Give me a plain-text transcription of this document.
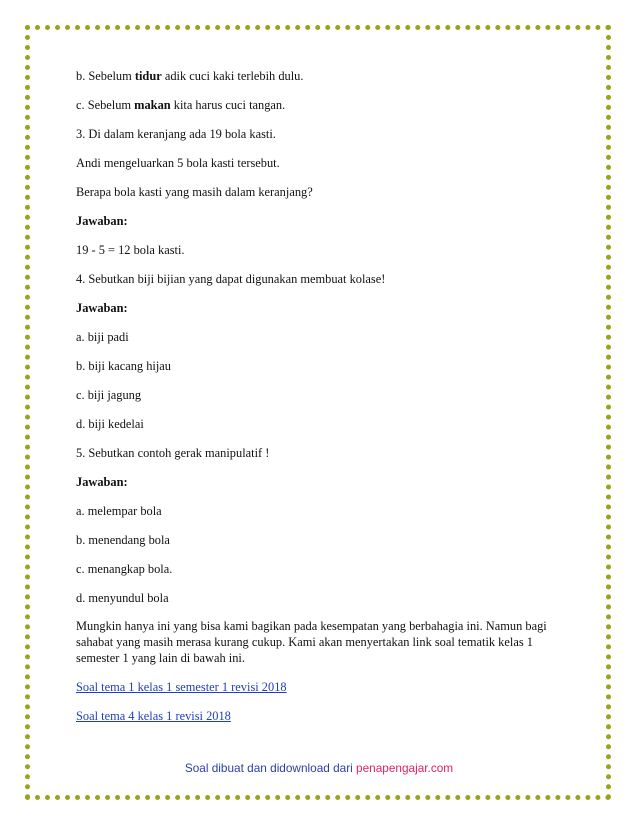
b. Sebelum tidur adik cuci kaki terlebih dulu.

c. Sebelum makan kita harus cuci tangan.

3. Di dalam keranjang ada 19 bola kasti.

Andi mengeluarkan 5 bola kasti tersebut.

Berapa bola kasti yang masih dalam keranjang?

Jawaban:

19 - 5 = 12 bola kasti.

4. Sebutkan biji bijian yang dapat digunakan membuat kolase!

Jawaban:

a. biji padi

b. biji kacang hijau

c. biji jagung

d. biji kedelai

5. Sebutkan contoh gerak manipulatif !

Jawaban:

a. melempar bola

b. menendang bola

c. menangkap bola.

d. menyundul bola

Mungkin hanya ini yang bisa kami bagikan pada kesempatan yang berbahagia ini. Namun bagi sahabat yang masih merasa kurang cukup. Kami akan menyertakan link soal tematik kelas 1 semester 1 yang lain di bawah ini.

Soal tema 1 kelas 1 semester 1 revisi 2018

Soal tema 4 kelas 1 revisi 2018

Soal dibuat dan didownload dari penapengajar.com
